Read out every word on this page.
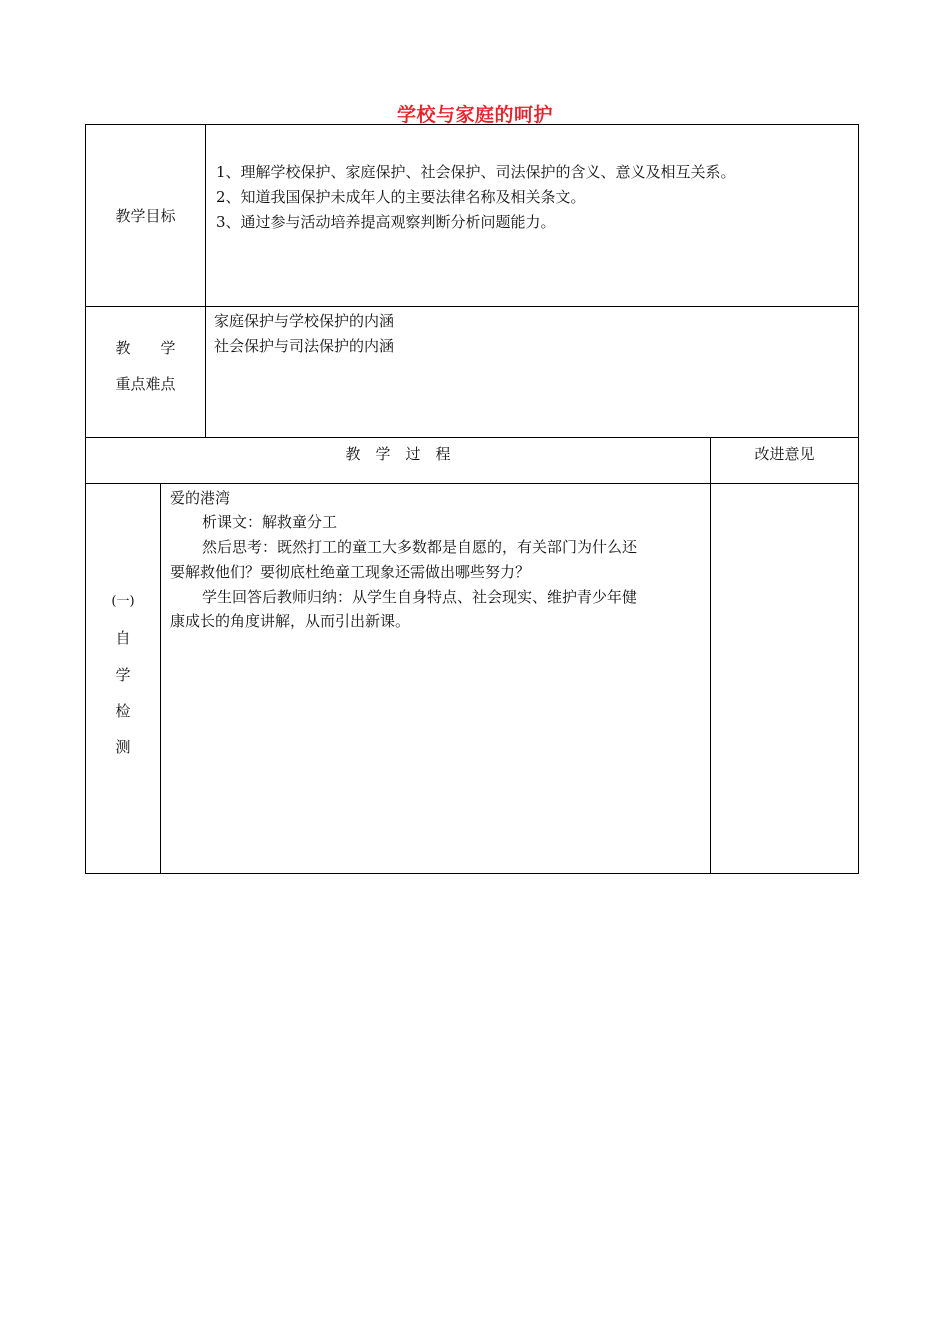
学校与家庭的呵护
教学目标
1、理解学校保护、家庭保护、社会保护、司法保护的含义、意义及相互关系。
2、知道我国保护未成年人的主要法律名称及相关条文。
3、通过参与活动培养提高观察判断分析问题能力。
教　　学
重点难点
家庭保护与学校保护的内涵
社会保护与司法保护的内涵
教　学　过　程	改进意见
(一)
自
学
检
测
爱的港湾
析课文：解救童分工
然后思考：既然打工的童工大多数都是自愿的，有关部门为什么还
要解救他们？要彻底杜绝童工现象还需做出哪些努力？
学生回答后教师归纳：从学生自身特点、社会现实、维护青少年健
康成长的角度讲解，从而引出新课。
